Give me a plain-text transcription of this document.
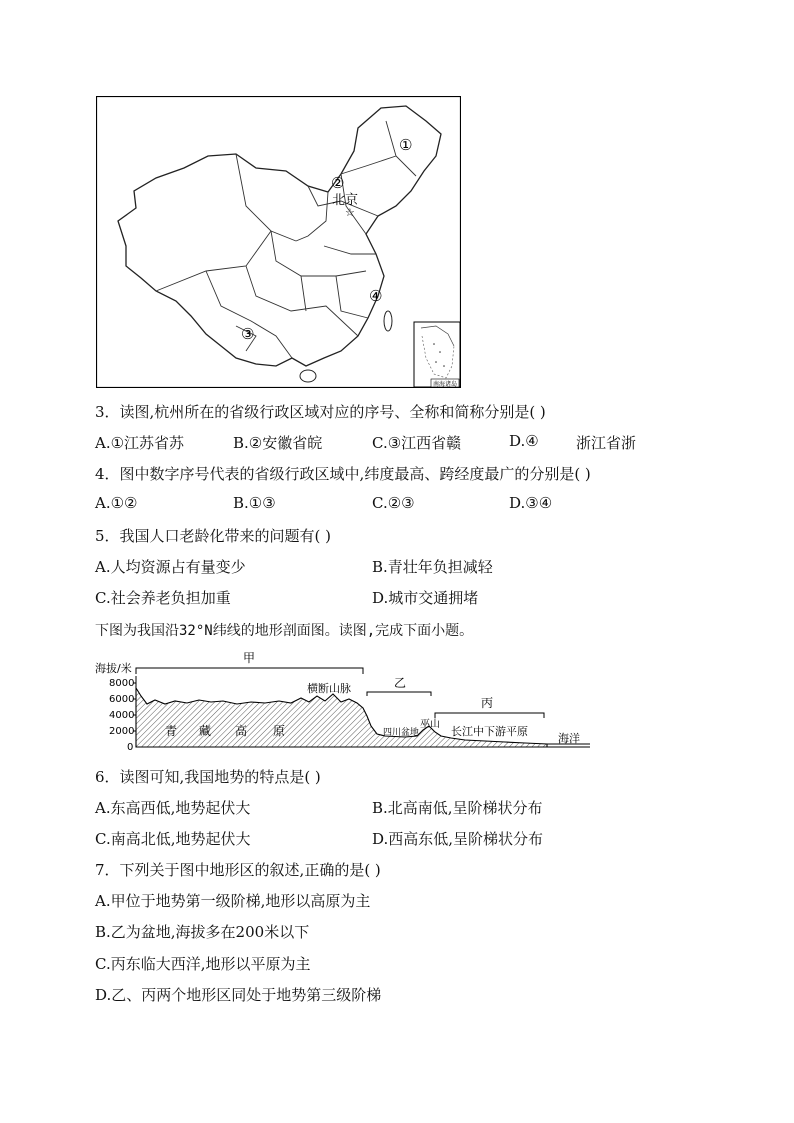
☆
①
②
北京
③
④
南海诸岛
3．读图,杭州所在的省级行政区域对应的序号、全称和简称分别是( )
A.①江苏省苏	B.②安徽省皖	C.③江西省赣	D.④ 浙江省浙
4．图中数字序号代表的省级行政区域中,纬度最高、跨经度最广的分别是( )
A.①②	B.①③	C.②③	D.③④
5．我国人口老龄化带来的问题有( )
A.人均资源占有量变少	B.青壮年负担减轻
C.社会养老负担加重	D.城市交通拥堵
下图为我国沿32°N纬线的地形剖面图。读图,完成下面小题。
海拔/米
8000
6000
4000
2000
0
甲
乙
丙
横断山脉
青 藏 高 原	四川盆地
巫山
长江中下游平原
海洋
6．读图可知,我国地势的特点是( )
A.东高西低,地势起伏大	B.北高南低,呈阶梯状分布
C.南高北低,地势起伏大	D.西高东低,呈阶梯状分布
7．下列关于图中地形区的叙述,正确的是( )
A.甲位于地势第一级阶梯,地形以高原为主
B.乙为盆地,海拔多在200米以下
C.丙东临大西洋,地形以平原为主
D.乙、丙两个地形区同处于地势第三级阶梯
